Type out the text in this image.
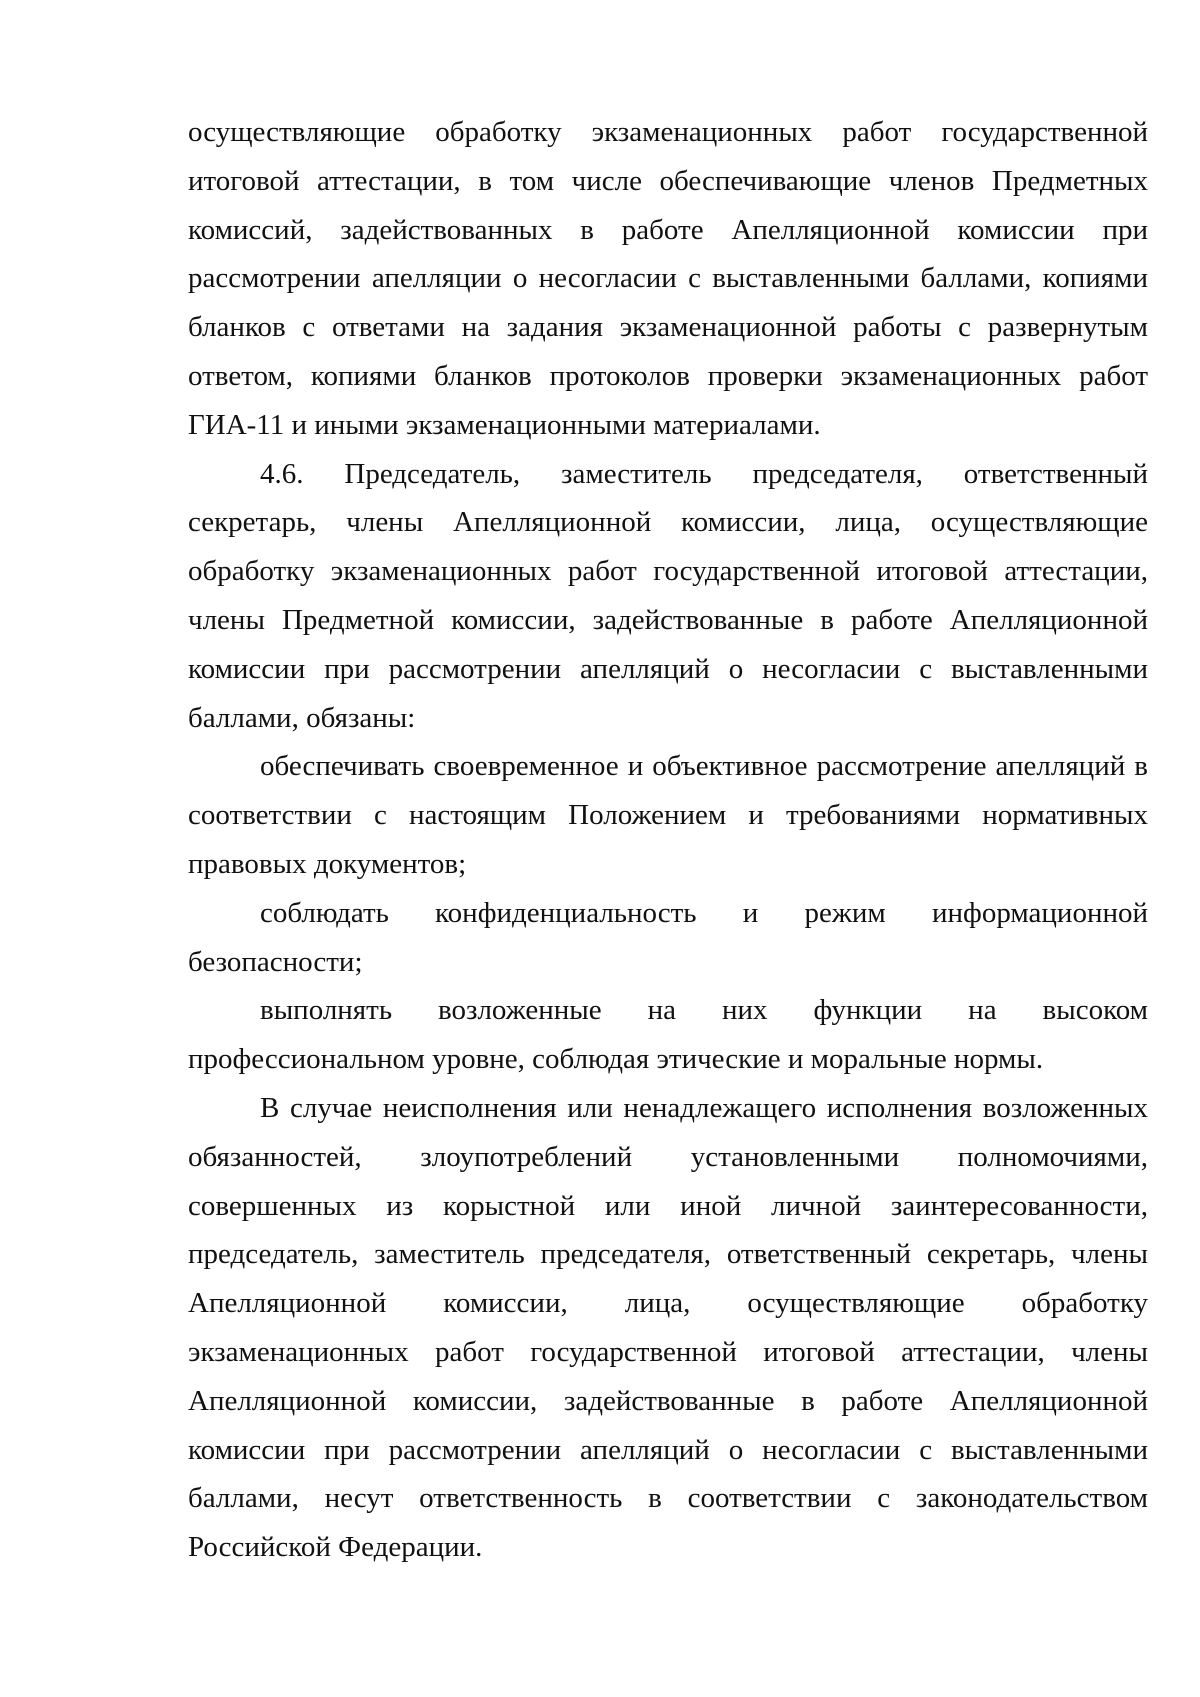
осуществляющие обработку экзаменационных работ государственной итоговой аттестации, в том числе обеспечивающие членов Предметных комиссий, задействованных в работе Апелляционной комиссии при рассмотрении апелляции о несогласии с выставленными баллами, копиями бланков с ответами на задания экзаменационной работы с развернутым ответом, копиями бланков протоколов проверки экзаменационных работ ГИА-11 и иными экзаменационными материалами.

4.6. Председатель, заместитель председателя, ответственный секретарь, члены Апелляционной комиссии, лица, осуществляющие обработку экзаменационных работ государственной итоговой аттестации, члены Предметной комиссии, задействованные в работе Апелляционной комиссии при рассмотрении апелляций о несогласии с выставленными баллами, обязаны:

обеспечивать своевременное и объективное рассмотрение апелляций в соответствии с настоящим Положением и требованиями нормативных правовых документов;

соблюдать конфиденциальность и режим информационной безопасности;

выполнять возложенные на них функции на высоком профессиональном уровне, соблюдая этические и моральные нормы.

В случае неисполнения или ненадлежащего исполнения возложенных обязанностей, злоупотреблений установленными полномочиями, совершенных из корыстной или иной личной заинтересованности, председатель, заместитель председателя, ответственный секретарь, члены Апелляционной комиссии, лица, осуществляющие обработку экзаменационных работ государственной итоговой аттестации, члены Апелляционной комиссии, задействованные в работе Апелляционной комиссии при рассмотрении апелляций о несогласии с выставленными баллами, несут ответственность в соответствии с законодательством Российской Федерации.
